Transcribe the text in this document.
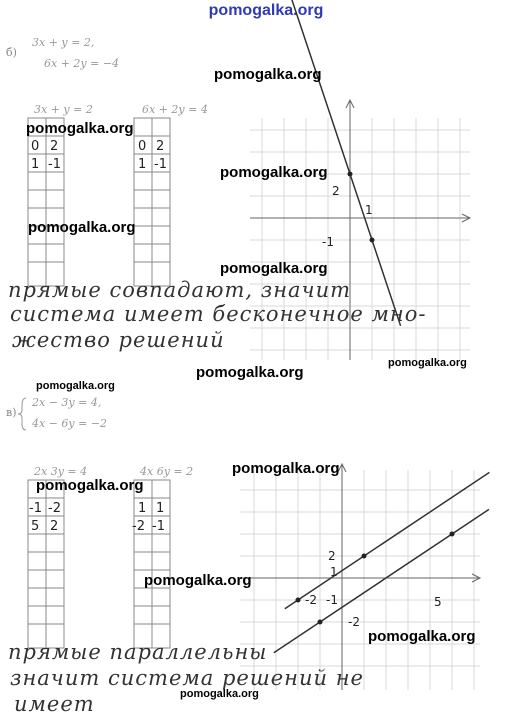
pomogalka.org
б)
3x + y = 2,
6x + 2y = −4
3x + y = 2	6x + 2y = 4
в)
2x − 3y = 4,
4x − 6y = −2
2x 3y = 4	4x 6y = 2
0 2
1 -1
0 2
1 -1
2
-1
1
-1 -2
5 2
1 1
-2 -1
2
1
-2 -1
-2
5
прямые совпадают, значит
система имеет бесконечное мно-
жество решений
прямые параллельны
значит система решений не
имеет
pomogalka.org
pomogalka.org
pomogalka.org
pomogalka.org
pomogalka.org
pomogalka.org
pomogalka.org
pomogalka.org
pomogalka.org
pomogalka.org
pomogalka.org
pomogalka.org
pomogalka.org
